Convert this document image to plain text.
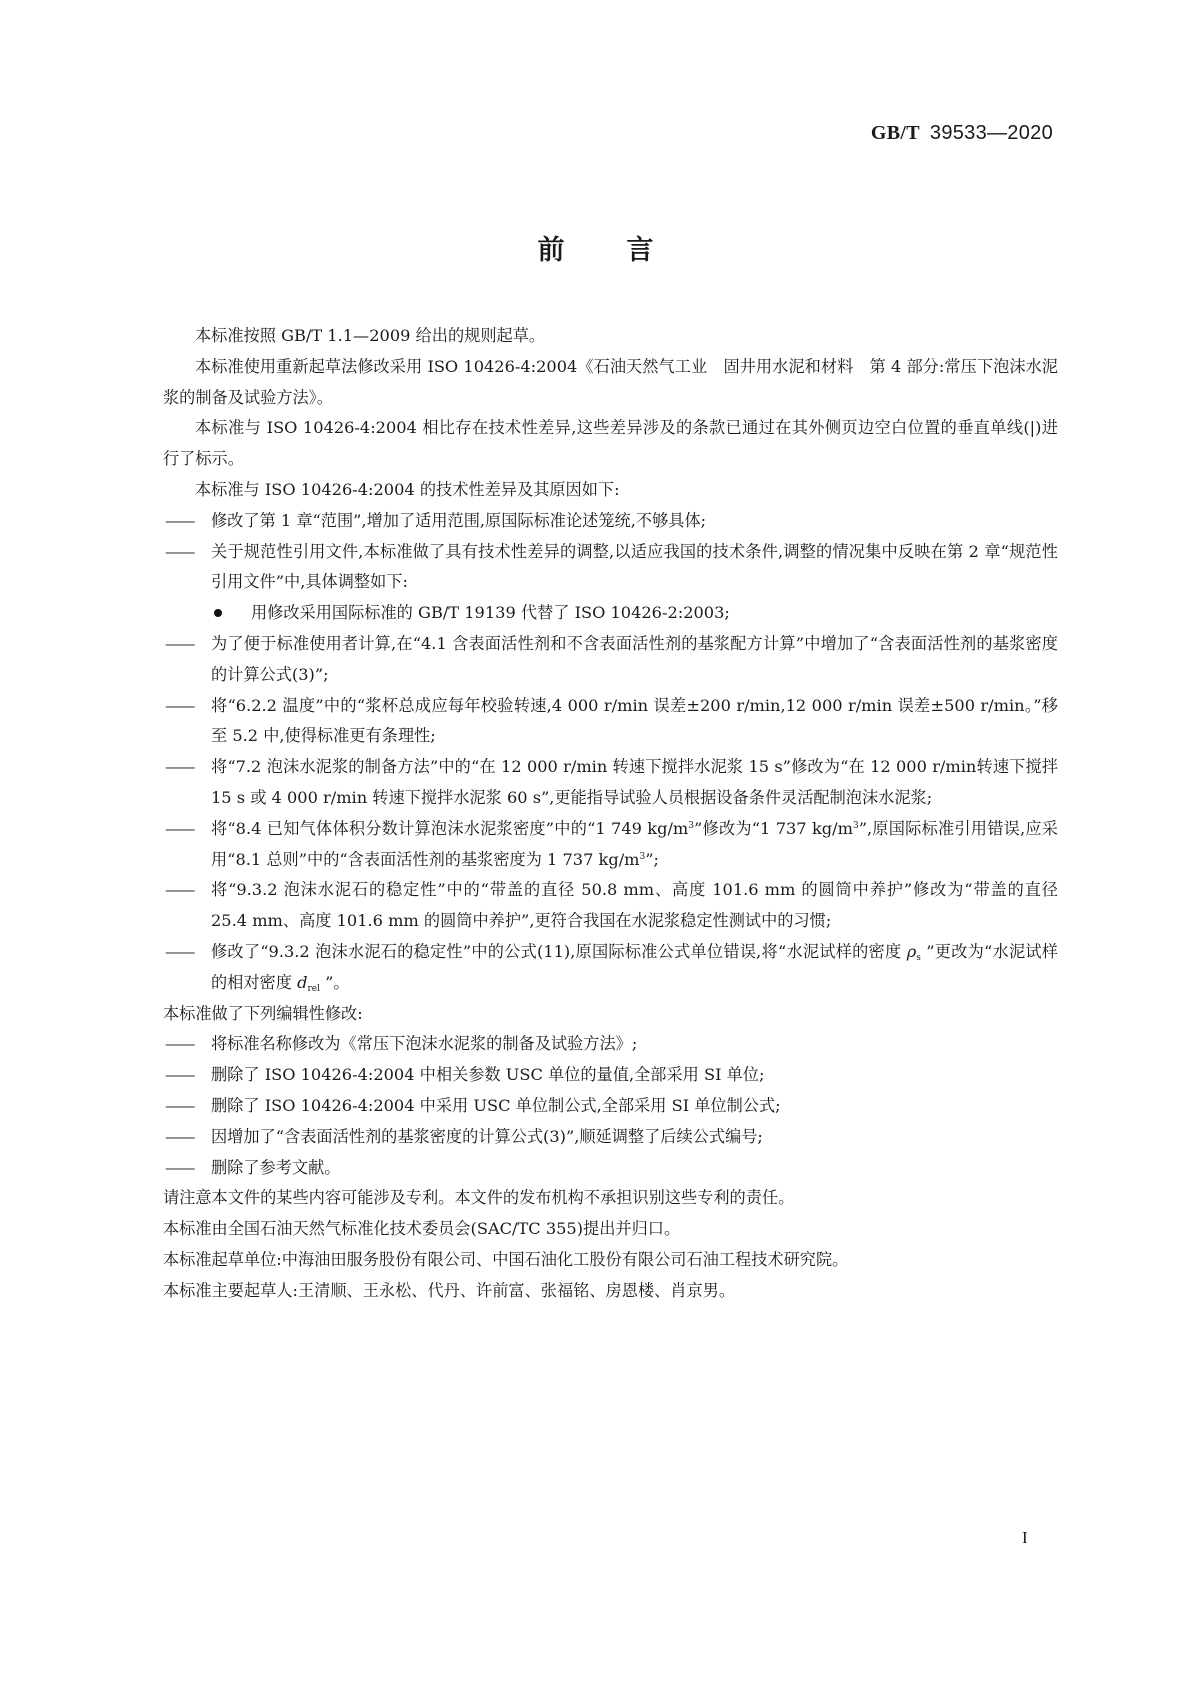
GB/T 39533—2020
前 言

本标准按照 GB/T 1.1—2009 给出的规则起草。

本标准使用重新起草法修改采用 ISO 10426-4:2004《石油天然气工业　固井用水泥和材料　第 4 部分:常压下泡沫水泥浆的制备及试验方法》。

本标准与 ISO 10426-4:2004 相比存在技术性差异,这些差异涉及的条款已通过在其外侧页边空白位置的垂直单线(|)进行了标示。

本标准与 ISO 10426-4:2004 的技术性差异及其原因如下:

——	修改了第 1 章“范围”,增加了适用范围,原国际标准论述笼统,不够具体;
——	关于规范性引用文件,本标准做了具有技术性差异的调整,以适应我国的技术条件,调整的情况集中反映在第 2 章“规范性引用文件”中,具体调整如下:
用修改采用国际标准的 GB/T 19139 代替了 ISO 10426-2:2003;
——	为了便于标准使用者计算,在“4.1 含表面活性剂和不含表面活性剂的基浆配方计算”中增加了“含表面活性剂的基浆密度的计算公式(3)”;
——	将“6.2.2 温度”中的“浆杯总成应每年校验转速,4 000 r/min 误差±200 r/min,12 000 r/min 误差±500 r/min。”移至 5.2 中,使得标准更有条理性;
——	将“7.2 泡沫水泥浆的制备方法”中的“在 12 000 r/min 转速下搅拌水泥浆 15 s”修改为“在 12 000 r/min转速下搅拌 15 s 或 4 000 r/min 转速下搅拌水泥浆 60 s”,更能指导试验人员根据设备条件灵活配制泡沫水泥浆;
——	将“8.4 已知气体体积分数计算泡沫水泥浆密度”中的“1 749 $kg/m^3$”修改为“1 737 $kg/m^3$”,原国际标准引用错误,应采用“8.1 总则”中的“含表面活性剂的基浆密度为 1 737 $kg/m^3$”;
——	将“9.3.2 泡沫水泥石的稳定性”中的“带盖的直径 50.8 mm、高度 101.6 mm 的圆筒中养护”修改为“带盖的直径 25.4 mm、高度 101.6 mm 的圆筒中养护”,更符合我国在水泥浆稳定性测试中的习惯;
——	修改了“9.3.2 泡沫水泥石的稳定性”中的公式(11),原国际标准公式单位错误,将“水泥试样的密度 $\rho_s$ ”更改为“水泥试样的相对密度 $d_{rel}$ ”。

本标准做了下列编辑性修改:

——	将标准名称修改为《常压下泡沫水泥浆的制备及试验方法》;
——	删除了 ISO 10426-4:2004 中相关参数 USC 单位的量值,全部采用 SI 单位;
——	删除了 ISO 10426-4:2004 中采用 USC 单位制公式,全部采用 SI 单位制公式;
——	因增加了“含表面活性剂的基浆密度的计算公式(3)”,顺延调整了后续公式编号;
——	删除了参考文献。

请注意本文件的某些内容可能涉及专利。本文件的发布机构不承担识别这些专利的责任。

本标准由全国石油天然气标准化技术委员会(SAC/TC 355)提出并归口。

本标准起草单位:中海油田服务股份有限公司、中国石油化工股份有限公司石油工程技术研究院。

本标准主要起草人:王清顺、王永松、代丹、许前富、张福铭、房恩楼、肖京男。

I
